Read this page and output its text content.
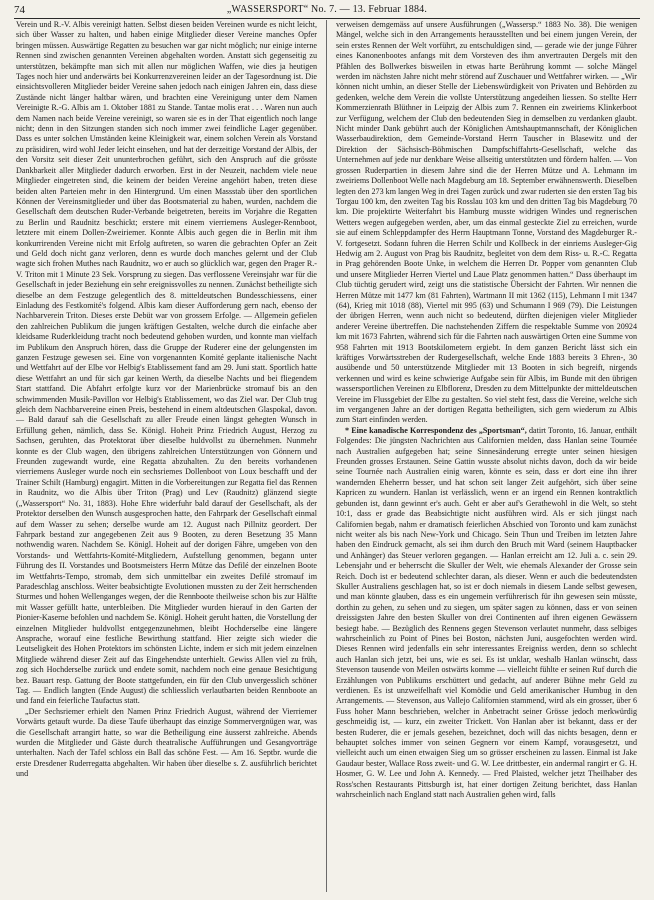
74	„WASSERSPORT“ No. 7. — 13. Februar 1884.

Verein und R.-V. Albis vereinigt hatten. Selbst diesen beiden Vereinen wurde es nicht leicht, sich über Wasser zu halten, und haben einige Mitglieder dieser Vereine manches Opfer bringen müssen. Auswärtige Regatten zu besuchen war gar nicht möglich; nur einige interne Rennen sind zwischen genannten Vereinen abgehalten worden. Anstatt sich gegenseitig zu unterstützen, bekämpfte man sich mit allen nur möglichen Waffen, wie dies ja heutigen Tages noch hier und anderwärts bei Konkurrenzvereinen leider an der Tagesordnung ist. Die einsichtsvolleren Mitglieder beider Vereine sahen jedoch nach einigen Jahren ein, dass diese Zustände nicht länger haltbar wären, und brachten eine Vereinigung unter dem Namen Vereinigte R.-G. Albis am 1. Oktober 1881 zu Stande. Tantae molis erat . . . Waren nun auch dem Namen nach beide Vereine vereinigt, so waren sie es in der That eigentlich noch lange nicht; denn in den Sitzungen standen sich noch immer zwei feindliche Lager gegenüber. Dass es unter solchen Umständen keine Kleinigkeit war, einem solchen Verein als Vorstand zu präsidiren, wird wohl Jeder leicht einsehen, und hat der derzeitige Vorstand der Albis, der den Vorsitz seit dieser Zeit ununterbrochen geführt, sich den Anspruch auf die grösste Dankbarkeit aller Mitglieder dadurch erworben. Erst in der Neuzeit, nachdem viele neue Mitglieder eingetreten sind, die keinem der beiden Vereine angehört haben, treten diese beiden alten Parteien mehr in den Hintergrund. Um einen Massstab über den sportlichen Können der Vereinsmitglieder und über das Bootsmaterial zu haben, wurden, nachdem die Gesellschaft dem deutschen Ruder-Verbande beigetreten, bereits im Vorjahre die Regatten zu Berlin und Raudnitz beschickt; erstere mit einem vierriemens Ausleger-Rennboot, letztere mit einem Dollen-Zweiriemer. Konnte Albis auch gegen die in Berlin mit ihm konkurrirenden Vereine nicht mit Erfolg auftreten, so waren die gebrachten Opfer an Zeit und Geld doch nicht ganz verloren, denn es wurde doch manches gelernt und der Club wagte sich frohen Muthes nach Raudnitz, wo er auch so glücklich war, gegen den Prager R.-V. Triton mit 1 Minute 23 Sek. Vorsprung zu siegen. Das verflossene Vereinsjahr war für die Gesellschaft in jeder Beziehung ein sehr ereignissvolles zu nennen. Zunächst betheiligte sich dieselbe an dem Festzuge gelegentlich des 8. mitteldeutschen Bundesschiessens, einer Einladung des Festkomité's folgend. Albis kam dieser Aufforderung gern nach, ebenso der Nachbarverein Triton. Dieses erste Debüt war von grossem Erfolge. — Allgemein gefielen den zahlreichen Publikum die jungen kräftigen Gestalten, welche durch die einfache aber kleidsame Ruderkleidung tracht noch bedeutend gehoben wurden, und konnte man vielfach im Publikum den Anspruch hören, dass die Gruppe der Ruderer eine der gelungensten im ganzen Festzuge gewesen sei. Eine von vorgenannten Komité geplante italienische Nacht und Wettfahrt auf der Elbe vor Helbig's Etablissement fand am 29. Juni statt. Sportlich hatte diese Wettfahrt an und für sich gar keinen Werth, da dieselbe Nachts und bei fliegendem Start stattfand. Die Abfahrt erfolgte kurz vor der Marienbrücke stromauf bis an den schwimmenden Musik-Pavillon vor Helbig's Etablissement, wo das Ziel war. Der Club trug gleich dem Nachbarvereine einen Preis, bestehend in einem altdeutschen Glaspokal, davon. — Bald darauf sah die Gesellschaft zu aller Freude einen längst gehegten Wunsch in Erfüllung gehen, nämlich, dass Se. Königl. Hoheit Prinz Friedrich August, Herzog zu Sachsen, geruhten, das Protektorat über dieselbe huldvollst zu übernehmen. Nunmehr konnte es der Club wagen, den übrigens zahlreichen Unterstützungen von Gönnern und Freunden zugewandt wurde, eine Regatta abzuhalten. Zu den bereits vorhandenen vierriemens Ausleger wurde noch ein sechsriemes Dollenboot von Loux beschafft und der Trainer Schilt (Hamburg) engagirt. Mitten in die Vorbereitungen zur Regatta fiel das Rennen in Raudnitz, wo die Albis über Triton (Prag) und Lev (Raudnitz) glänzend siegte („Wassersport“ No. 31, 1883). Hohe Ehre widerfuhr bald darauf der Gesellschaft, als der Protektor derselben den Wunsch ausgesprochen hatte, den Fahrpark der Gesellschaft einmal auf dem Wasser zu sehen; derselbe wurde am 12. August nach Pillnitz geordert. Der Fahrpark bestand zur angegebenen Zeit aus 9 Booten, zu deren Besetzung 35 Mann nothwendig waren. Nachdem Se. Königl. Hoheit auf der dorigen Fähre, umgeben von den Vorstands- und Wettfahrts-Komité-Mitgliedern, Aufstellung genommen, begann unter Führung des II. Vorstandes und Bootsmeisters Herrn Mütze das Defilé der einzelnen Boote im Wettfahrts-Tempo, stromab, dem sich unmittelbar ein zweites Defilé stromauf im Paradeschlag anschloss. Weiter beabsichtigte Evolutionen mussten zu der Zeit herrschenden Sturmes und hohen Wellenganges wegen, der die Rennboote theilweise schon bis zur Hälfte mit Wasser gefüllt hatte, unterbleiben. Die Mitglieder wurden hierauf in den Garten der Pionier-Kaserne befohlen und nachdem Se. Königl. Hoheit geruht hatten, die Vorstellung der einzelnen Mitglieder huldvollst entgegenzunehmen, bleibt Hochderselbe eine längere Ansprache, worauf eine festliche Bewirthung stattfand. Hier zeigte sich wieder die Leutseligkeit des Hohen Protektors im schönsten Lichte, indem er sich mit jedem einzelnen Mitgliede während dieser Zeit auf das Eingehendste unterhielt. Gewiss Allen viel zu früh, zog sich Hochderselbe zurück und endete somit, nachdem noch eine genaue Besichtigung bez. Bauart resp. Gattung der Boote stattgefunden, ein für den Club unvergesslich schöner Tag. — Endlich langten (Ende August) die schliesslich verlautbarten beiden Rennboote an und fand ein feierliche Taufactus statt.

„Der Sechsriemer erhielt den Namen Prinz Friedrich August, während der Vierriemer Vorwärts getauft wurde. Da diese Taufe überhaupt das einzige Sommervergnügen war, was die Gesellschaft arrangirt hatte, so war die Betheiligung eine äusserst zahlreiche. Abends wurden die Mitglieder und Gäste durch theatralische Aufführungen und Gesangvorträge unterhalten. Nach der Tafel schloss ein Ball das schöne Fest. — Am 16. Septbr. wurde die erste Dresdener Ruderregatta abgehalten. Wir haben über dieselbe s. Z. ausführlich berichtet und

verweisen demgemäss auf unsere Ausführungen („Wassersp.“ 1883 No. 38). Die wenigen Mängel, welche sich in den Arrangements herausstellten und bei einem jungen Verein, der sein erstes Rennen der Welt vorführt, zu entschuldigen sind, — gerade wie der junge Führer eines Kanonenbootes anfangs mit dem Vorsteven des ihm anvertrauten Dergels mit den Pfählen des Bollwerkes bisweilen in etwas harte Berührung kommt — solche Mängel werden im nächsten Jahre nicht mehr störend auf Zuschauer und Wettfahrer wirken. — „Wir können nicht umhin, an dieser Stelle der Liebenswürdigkeit von Privaten und Behörden zu gedenken, welche dem Verein die vollste Unterstützung angedeihen liessen. So stellte Herr Kommerzienrath Blüthner in Leipzig der Albis zum 7. Rennen ein zweiriems Klinkerboot zur Verfügung, welchem der Club den bedeutenden Sieg in demselben zu verdanken glaubt. Nicht minder Dank gebührt auch der Königlichen Amtshauptmannschaft, der Königlichen Wasserbaudirektion, dem Gemeinde-Vorstand Herrn Tauscher in Blasewitz und der Direktion der Sächsisch-Böhmischen Dampfschiffahrts-Gesellschaft, welche das Unternehmen auf jede nur denkbare Weise allseitig unterstützten und fördern halfen. — Von grossen Ruderpartien in diesem Jahre sind die der Herren Mütze und A. Lehmann im zweiriems Dollenboot Welle nach Magdeburg am 18. September erwähnenswerth. Dieselben legten den 273 km langen Weg in drei Tagen zurück und zwar ruderten sie den ersten Tag bis Torgau 100 km, den zweiten Tag bis Rosslau 103 km und den dritten Tag bis Magdeburg 70 km. Die projektirte Weiterfahrt bis Hamburg musste widrigen Windes und regnerischen Wetters wegen aufgegeben werden, aber, um das einmal gesteckte Ziel zu erreichen, wurde sie auf einem Schleppdampfer des Herrn Hauptmann Tonne, Vorstand des Magdeburger R.-V. fortgesetzt. Sodann fuhren die Herren Schilr und Kollbeck in der einriems Ausleger-Gig Hedwig am 2. August von Prag bis Raudnitz, begleitet von dem dem Riss- u. R.-C. Regatta in Prag gehörenden Boote Unke, in welchem die Herren Dr. Popper vom genannten Club und unsere Mitglieder Herren Viertel und Laue Platz genommen hatten.“ Dass überhaupt im Club tüchtig gerudert wird, zeigt uns die statistische Übersicht der Fahrten. Wir nennen die Herren Mütze mit 1477 km (81 Fahrten), Wartmann II mit 1362 (115), Lehmann I mit 1347 (64), Krieg mit 1018 (88), Viertel mit 995 (63) und Schumann I 969 (79). Die Leistungen der übrigen Herren, wenn auch nicht so bedeutend, dürften diejenigen vieler Mitglieder anderer Vereine übertreffen. Die nachstehenden Ziffern die respektable Summe von 20924 km mit 1673 Fahrten, während sich für die Fahrten nach auswärtigen Orten eine Summe von 958 Fahrten mit 1913 Bootskilometern ergiebt. In dem ganzen Bericht lässt sich ein kräftiges Vorwärtsstreben der Rudergesellschaft, welche Ende 1883 bereits 3 Ehren-, 30 ausübende und 50 unterstützende Mitglieder mit 13 Booten in sich begreift, nirgends verkennen und wird es keine schwierige Aufgabe sein für Albis, im Bunde mit den übrigen wassersportlichen Vereinen zu Elbflorenz, Dresden zu dem Mittelpunkte der mitteldeutschen Vereine im Flussgebiet der Elbe zu gestalten. So viel steht fest, dass die Vereine, welche sich im vergangenen Jahre an der dortigen Regatta betheiligten, sich gern wiederum zu Albis zum Start einfinden werden.

* Eine kanadische Korrespondenz des „Sportsman“, datirt Toronto, 16. Januar, enthält Folgendes: Die jüngsten Nachrichten aus Californien melden, dass Hanlan seine Tournée nach Australien aufgegeben hat; seine Sinnesänderung erregte unter seinen hiesigen Freunden grosses Erstaunen. Seine Gattin wusste absolut nichts davon, doch da wir beide seine Tournée nach Australien einig waren, könnte es sein, dass er dort eine ihn ihrer wandernden Eheherrn besser, und hat schon seit langer Zeit aufgehört, sich über seine Kapricen zu wundern. Hanlan ist verlässlich, wenn er an irgend ein Rennen kontraktlich gebunden ist, dann gewinnt er's auch. Geht er aber auf's Gerathewohl in die Welt, so steht 10:1, dass er grade das Beabsichtigte nicht ausführen wird. Als er sich jüngst nach Californien begab, nahm er dramatisch feierlichen Abschied von Toronto und kam zunächst nicht weiter als bis nach New-York und Chicago. Sein Thun und Treiben im letzten Jahre haben den Eindruck gemacht, als sei ihm durch den Bruch mit Ward (seinem Hauptbacker und Anhänger) das Steuer verloren gegangen. — Hanlan erreicht am 12. Juli a. c. sein 29. Lebensjahr und er beherrscht die Skuller der Welt, wie ehemals Alexander der Grosse sein Reich. Doch ist er bedeutend schlechter daran, als dieser. Wenn er auch die bedeutendsten Skuller Australiens geschlagen hat, so ist er doch niemals in diesem Lande selbst gewesen, und man könnte glauben, dass es ein ungemein verführerisch für ihn gewesen sein müsste, dorthin zu gehen, zu sehen und zu siegen, um später sagen zu können, dass er von seinen dreissigsten Jahre den besten Skuller von drei Continenten auf ihren eigenen Gewässern besiegt habe. — Bezüglich des Rennens gegen Stevenson verlautet nunmehr, dass selbiges wahrscheinlich zu Point of Pines bei Boston, nächsten Juni, ausgefochten werden wird. Dieses Rennen wird jedenfalls ein sehr interessantes Ereigniss werden, denn so schlecht auch Hanlan sich jetzt, bei uns, wie es sei. Es ist unklar, weshalb Hanlan wünscht, dass Stevenson tausende von Meilen ostwärts komme — vielleicht fühlte er seinen Ruf durch die Erzählungen von Publikums erschüttert und gedacht, auf anderer Bühne mehr Geld zu verdienen. Es ist unzweifelhaft viel Komödie und Geld amerikanischer Humbug in den Arrangements. — Stevenson, aus Vallejo Californien stammend, wird als ein grosser, über 6 Fuss hoher Mann beschrieben, welcher in Anbetracht seiner Grösse jedoch merkwürdig geschmeidig ist, — kurz, ein zweiter Trickett. Von Hanlan aber ist bekannt, dass er der besten Ruderer, die er jemals gesehen, bezeichnet, doch will das nichts besagen, denn er behauptet solches immer von seinen Gegnern vor einem Kampf, vorausgesetzt, und vielleicht auch um einen etwaigen Sieg um so grösser erscheinen zu lassen. Einmal ist Jake Gaudaur bester, Wallace Ross zweit- und G. W. Lee drittbester, ein andermal rangirt er G. H. Hosmer, G. W. Lee und John A. Kennedy. — Fred Plaisted, welcher jetzt Theilhaber des Ross'schen Restaurants Pittsburgh ist, hat einer dortigen Zeitung berichtet, dass Hanlan wahrscheinlich nach England statt nach Australien gehen wird, falls
